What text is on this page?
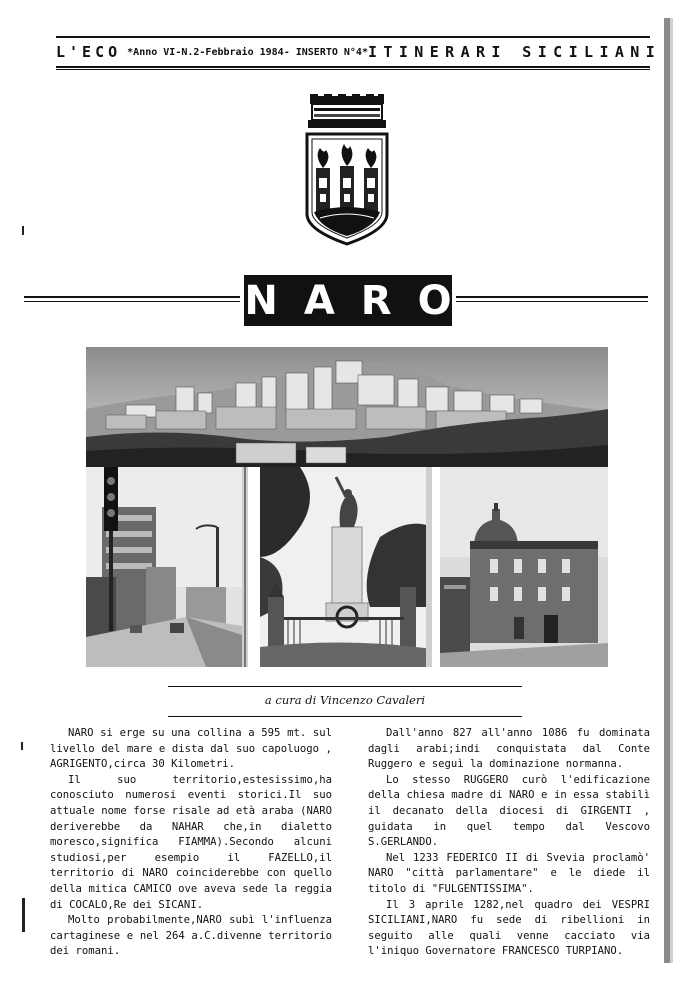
L'ECO *Anno VI-N.2-Febbraio 1984- INSERTO N°4* ITINERARI SICILIANI
NARO
a cura di Vincenzo Cavaleri

NARO si erge su una collina a 595 mt. sul livello del mare e dista dal suo capoluogo , AGRIGENTO,circa 30 Kilometri.

Il suo territorio,estesissimo,ha conosciuto numerosi eventi storici.Il suo attuale nome forse risale ad età araba (NARO deriverebbe da NAHAR che,in dialetto moresco,significa FIAMMA).Secondo alcuni studiosi,per esempio il FAZELLO,il territorio di NARO coinciderebbe con quello della mitica CAMICO ove aveva sede la reggia di COCALO,Re dei SICANI.

Molto probabilmente,NARO subì l'influenza cartaginese e nel 264 a.C.divenne territorio dei romani.

Dall'anno 827 all'anno 1086 fu dominata dagli arabi;indi conquistata dal Conte Ruggero e seguì la dominazione normanna.

Lo stesso RUGGERO curò l'edificazione della chiesa madre di NARO e in essa stabilì il decanato della diocesi di GIRGENTI , guidata in quel tempo dal Vescovo S.GERLANDO.

Nel 1233 FEDERICO II di Svevia proclamò' NARO "città parlamentare" e le diede il titolo di "FULGENTISSIMA".

Il 3 aprile 1282,nel quadro dei VESPRI SICILIANI,NARO fu sede di ribellioni in seguito alle quali venne cacciato via l'iniquo Governatore FRANCESCO TURPIANO.
